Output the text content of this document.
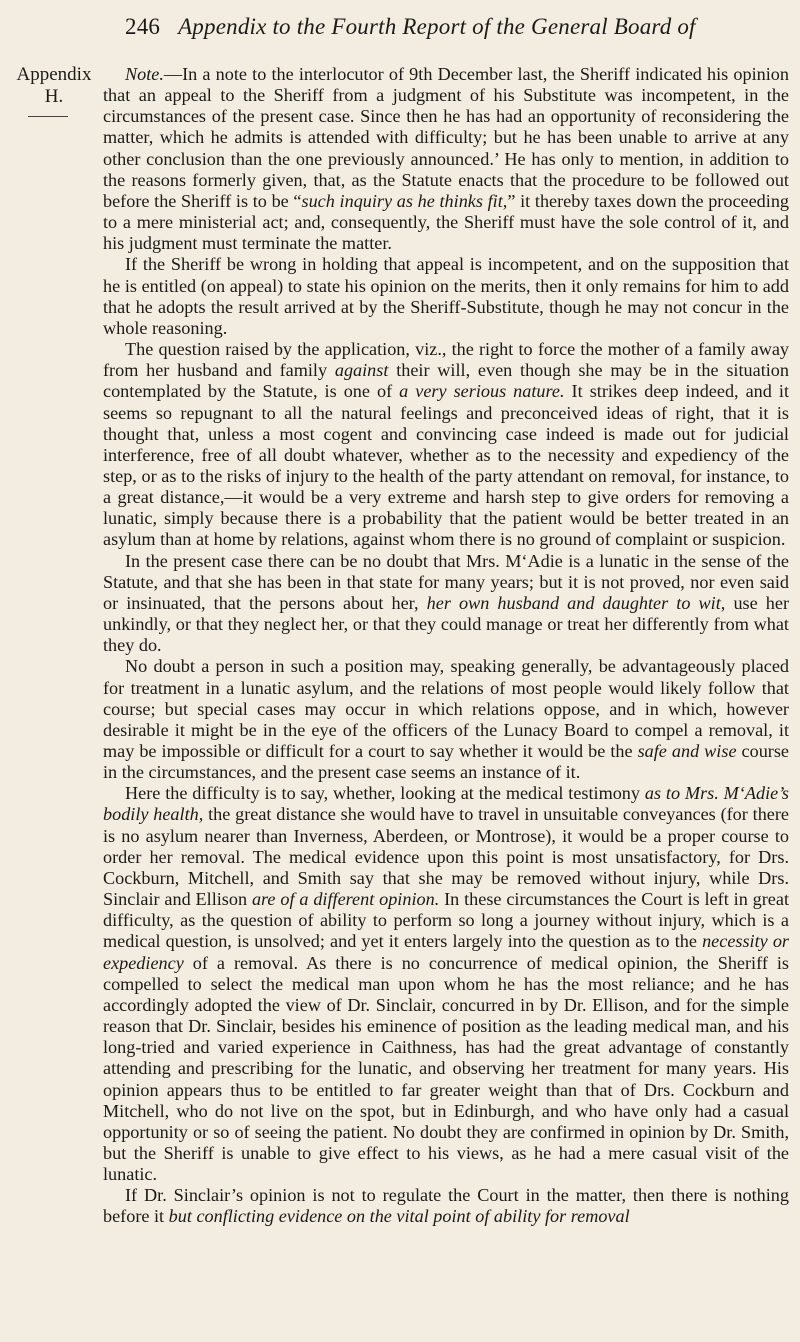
246 Appendix to the Fourth Report of the General Board of
Appendix
H.

Note.—In a note to the interlocutor of 9th December last, the Sheriff indicated his opinion that an appeal to the Sheriff from a judgment of his Substitute was incompetent, in the circumstances of the present case. Since then he has had an opportunity of reconsidering the matter, which he admits is attended with difficulty; but he has been unable to arrive at any other conclusion than the one previously announced.’ He has only to mention, in addition to the reasons formerly given, that, as the Statute enacts that the procedure to be followed out before the Sheriff is to be “such inquiry as he thinks fit,” it thereby taxes down the proceeding to a mere ministerial act; and, consequently, the Sheriff must have the sole control of it, and his judgment must terminate the matter.

If the Sheriff be wrong in holding that appeal is incompetent, and on the supposition that he is entitled (on appeal) to state his opinion on the merits, then it only remains for him to add that he adopts the result arrived at by the Sheriff-Substitute, though he may not concur in the whole reasoning.

The question raised by the application, viz., the right to force the mother of a family away from her husband and family against their will, even though she may be in the situation contemplated by the Statute, is one of a very serious nature. It strikes deep indeed, and it seems so repugnant to all the natural feelings and preconceived ideas of right, that it is thought that, unless a most cogent and convincing case indeed is made out for judicial interference, free of all doubt whatever, whether as to the necessity and expediency of the step, or as to the risks of injury to the health of the party attendant on removal, for instance, to a great distance,—it would be a very extreme and harsh step to give orders for removing a lunatic, simply because there is a probability that the patient would be better treated in an asylum than at home by relations, against whom there is no ground of complaint or suspicion.

In the present case there can be no doubt that Mrs. M‘Adie is a lunatic in the sense of the Statute, and that she has been in that state for many years; but it is not proved, nor even said or insinuated, that the persons about her, her own husband and daughter to wit, use her unkindly, or that they neglect her, or that they could manage or treat her differently from what they do.

No doubt a person in such a position may, speaking generally, be advantageously placed for treatment in a lunatic asylum, and the relations of most people would likely follow that course; but special cases may occur in which relations oppose, and in which, however desirable it might be in the eye of the officers of the Lunacy Board to compel a removal, it may be impossible or difficult for a court to say whether it would be the safe and wise course in the circumstances, and the present case seems an instance of it.

Here the difficulty is to say, whether, looking at the medical testimony as to Mrs. M‘Adie’s bodily health, the great distance she would have to travel in unsuitable conveyances (for there is no asylum nearer than Inverness, Aberdeen, or Montrose), it would be a proper course to order her removal. The medical evidence upon this point is most unsatisfactory, for Drs. Cockburn, Mitchell, and Smith say that she may be removed without injury, while Drs. Sinclair and Ellison are of a different opinion. In these circumstances the Court is left in great difficulty, as the question of ability to perform so long a journey without injury, which is a medical question, is unsolved; and yet it enters largely into the question as to the necessity or expediency of a removal. As there is no concurrence of medical opinion, the Sheriff is compelled to select the medical man upon whom he has the most reliance; and he has accordingly adopted the view of Dr. Sinclair, concurred in by Dr. Ellison, and for the simple reason that Dr. Sinclair, besides his eminence of position as the leading medical man, and his long-tried and varied experience in Caithness, has had the great advantage of constantly attending and prescribing for the lunatic, and observing her treatment for many years. His opinion appears thus to be entitled to far greater weight than that of Drs. Cockburn and Mitchell, who do not live on the spot, but in Edinburgh, and who have only had a casual opportunity or so of seeing the patient. No doubt they are confirmed in opinion by Dr. Smith, but the Sheriff is unable to give effect to his views, as he had a mere casual visit of the lunatic.

If Dr. Sinclair’s opinion is not to regulate the Court in the matter, then there is nothing before it but conflicting evidence on the vital point of ability for removal
